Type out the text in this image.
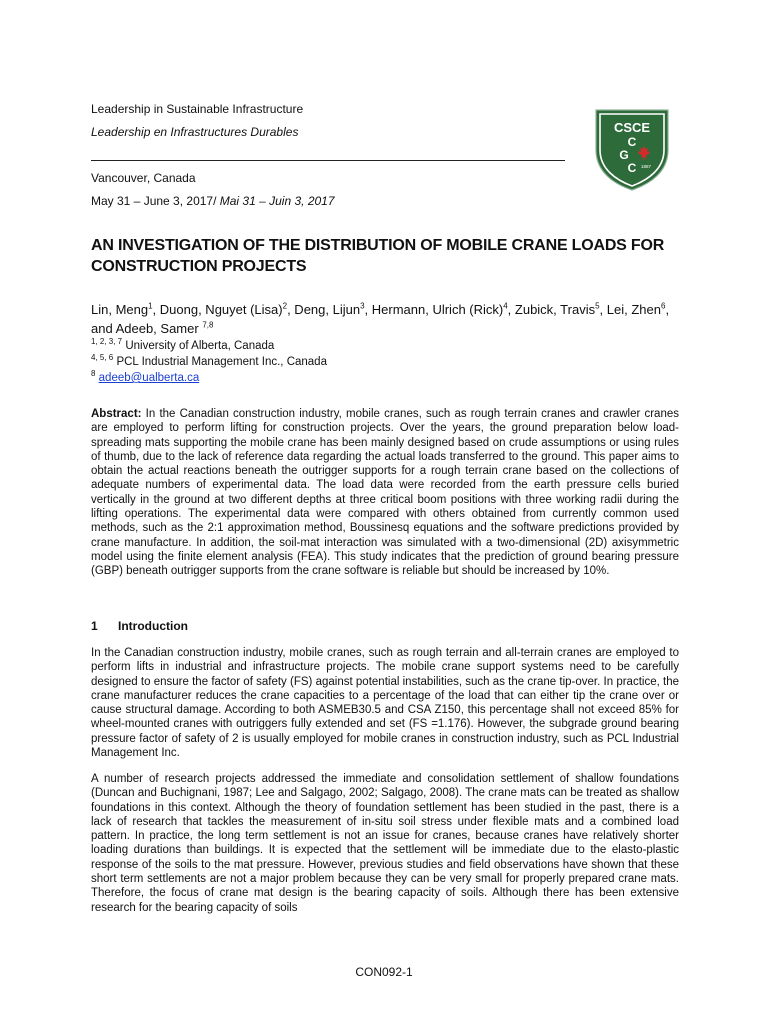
Leadership in Sustainable Infrastructure
Leadership en Infrastructures Durables
Vancouver, Canada
May 31 – June 3, 2017/ Mai 31 – Juin 3, 2017
CSCE
C
G
C 1887
AN INVESTIGATION OF THE DISTRIBUTION OF MOBILE CRANE LOADS FOR CONSTRUCTION PROJECTS
Lin, Meng$^1$, Duong, Nguyet (Lisa)$^2$, Deng, Lijun$^3$, Hermann, Ulrich (Rick)$^4$, Zubick, Travis$^5$, Lei, Zhen$^6$, and Adeeb, Samer $^{7,8}$
$^{1, 2, 3, 7}$ University of Alberta, Canada
$^{4, 5, 6}$ PCL Industrial Management Inc., Canada
$^8$ adeeb@ualberta.ca
Abstract: In the Canadian construction industry, mobile cranes, such as rough terrain cranes and crawler cranes are employed to perform lifting for construction projects. Over the years, the ground preparation below load-spreading mats supporting the mobile crane has been mainly designed based on crude assumptions or using rules of thumb, due to the lack of reference data regarding the actual loads transferred to the ground. This paper aims to obtain the actual reactions beneath the outrigger supports for a rough terrain crane based on the collections of adequate numbers of experimental data. The load data were recorded from the earth pressure cells buried vertically in the ground at two different depths at three critical boom positions with three working radii during the lifting operations. The experimental data were compared with others obtained from currently common used methods, such as the 2:1 approximation method, Boussinesq equations and the software predictions provided by crane manufacture. In addition, the soil-mat interaction was simulated with a two-dimensional (2D) axisymmetric model using the finite element analysis (FEA). This study indicates that the prediction of ground bearing pressure (GBP) beneath outrigger supports from the crane software is reliable but should be increased by 10%.
1 Introduction

In the Canadian construction industry, mobile cranes, such as rough terrain and all-terrain cranes are employed to perform lifts in industrial and infrastructure projects. The mobile crane support systems need to be carefully designed to ensure the factor of safety (FS) against potential instabilities, such as the crane tip-over. In practice, the crane manufacturer reduces the crane capacities to a percentage of the load that can either tip the crane over or cause structural damage. According to both ASMEB30.5 and CSA Z150, this percentage shall not exceed 85% for wheel-mounted cranes with outriggers fully extended and set (FS =1.176). However, the subgrade ground bearing pressure factor of safety of 2 is usually employed for mobile cranes in construction industry, such as PCL Industrial Management Inc.

A number of research projects addressed the immediate and consolidation settlement of shallow foundations (Duncan and Buchignani, 1987; Lee and Salgago, 2002; Salgago, 2008). The crane mats can be treated as shallow foundations in this context. Although the theory of foundation settlement has been studied in the past, there is a lack of research that tackles the measurement of in-situ soil stress under flexible mats and a combined load pattern. In practice, the long term settlement is not an issue for cranes, because cranes have relatively shorter loading durations than buildings. It is expected that the settlement will be immediate due to the elasto-plastic response of the soils to the mat pressure. However, previous studies and field observations have shown that these short term settlements are not a major problem because they can be very small for properly prepared crane mats. Therefore, the focus of crane mat design is the bearing capacity of soils. Although there has been extensive research for the bearing capacity of soils

CON092-1
